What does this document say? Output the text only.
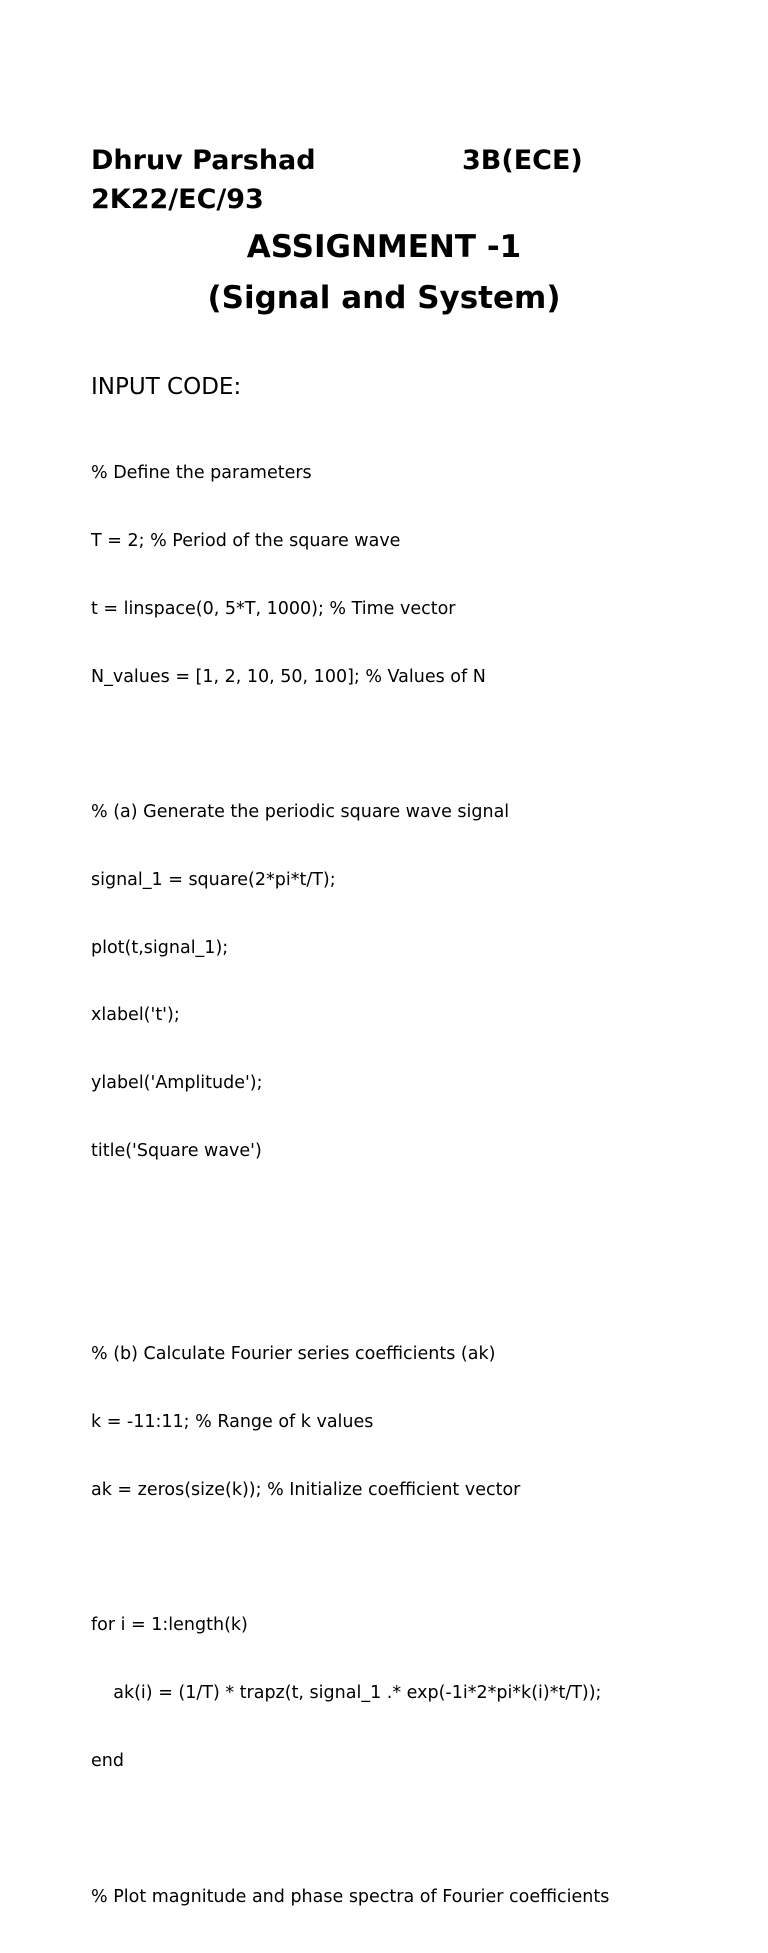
Dhruv Parshad	3B(ECE)
2K22/EC/93
ASSIGNMENT -1
(Signal and System)
INPUT CODE:

% Define the parameters

T = 2; % Period of the square wave

t = linspace(0, 5*T, 1000); % Time vector

N_values = [1, 2, 10, 50, 100]; % Values of N

% (a) Generate the periodic square wave signal

signal_1 = square(2*pi*t/T);

plot(t,signal_1);

xlabel('t');

ylabel('Amplitude');

title('Square wave')

% (b) Calculate Fourier series coefficients (ak)

k = -11:11; % Range of k values

ak = zeros(size(k)); % Initialize coefficient vector

for i = 1:length(k)

ak(i) = (1/T) * trapz(t, signal_1 .* exp(-1i*2*pi*k(i)*t/T));

end

% Plot magnitude and phase spectra of Fourier coefficients
